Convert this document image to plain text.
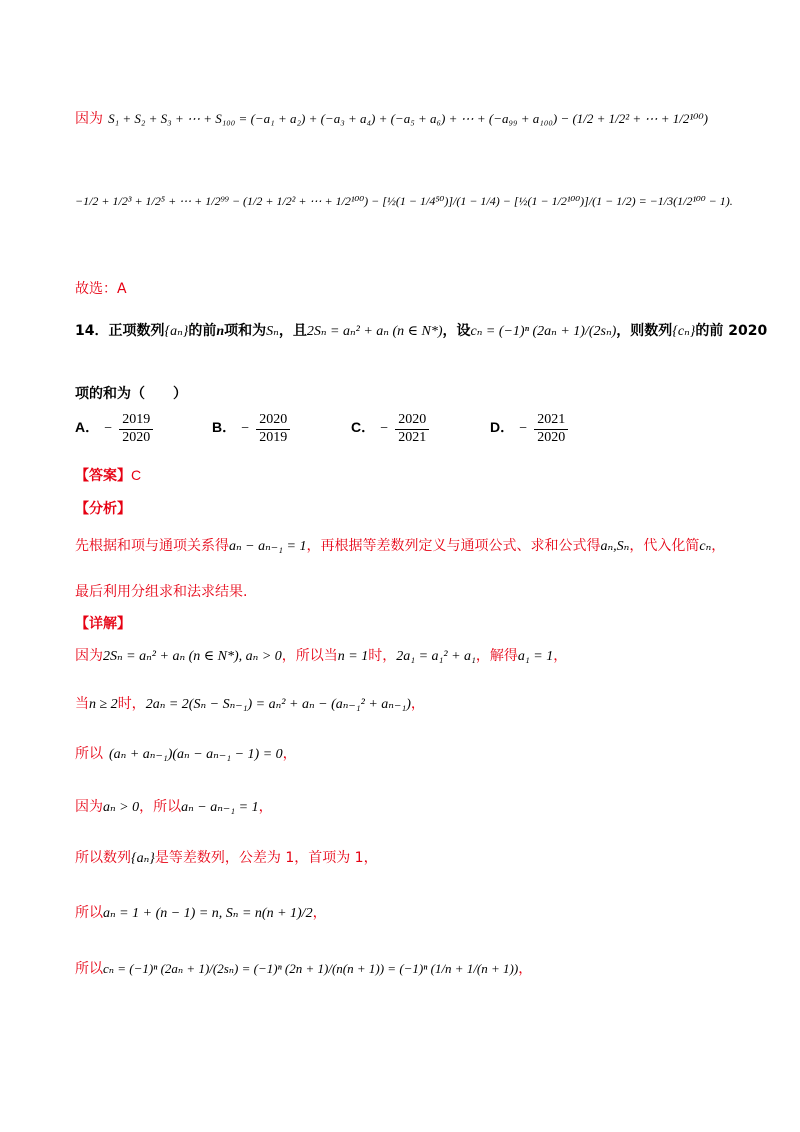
因为 $_{S_1 + S_2 + S_3 + \cdots + S_{100} = (-a_1 + a_2) + (-a_3 + a_4) + (-a_5 + a_6) + \cdots + (-a_{99} + a_{100}) - (1/2 + 1/2^2 + \cdots + 1/2^{100})}$
−1/2 + 1/2³ + 1/2⁵ + ⋯ + 1/2⁹⁹ − (1/2 + 1/2² + ⋯ + 1/2¹⁰⁰) − [½(1 − 1/4⁵⁰)]/(1 − 1/4) − [½(1 − 1/2¹⁰⁰)]/(1 − 1/2) = −1/3(1/2¹⁰⁰ − 1).
故选：A
14．正项数列{aₙ}的前n项和为Sₙ，且2Sₙ = aₙ² + aₙ (n ∈ N*)，设cₙ = (−1)ⁿ (2aₙ + 1)/(2sₙ)，则数列{cₙ}的前 2020
项的和为（　　）
A． − $\frac{2019}{2020}$	B． − $\frac{2020}{2019}$	C． − $\frac{2020}{2021}$	D． − $\frac{2021}{2020}$
【答案】C
【分析】
先根据和项与通项关系得aₙ − aₙ₋₁ = 1，再根据等差数列定义与通项公式、求和公式得aₙ,Sₙ，代入化简cₙ，
最后利用分组求和法求结果.
【详解】
因为2Sₙ = aₙ² + aₙ (n ∈ N*), aₙ > 0，所以当n = 1时，2a₁ = a₁² + a₁，解得a₁ = 1，
当n ≥ 2时，2aₙ = 2(Sₙ − Sₙ₋₁) = aₙ² + aₙ − (aₙ₋₁² + aₙ₋₁)，
所以 (aₙ + aₙ₋₁)(aₙ − aₙ₋₁ − 1) = 0，
因为aₙ > 0，所以aₙ − aₙ₋₁ = 1，
所以数列{aₙ}是等差数列，公差为 1，首项为 1，
所以aₙ = 1 + (n − 1) = n, Sₙ = n(n + 1)/2，
所以cₙ = (−1)ⁿ (2aₙ + 1)/(2sₙ) = (−1)ⁿ (2n + 1)/(n(n + 1)) = (−1)ⁿ (1/n + 1/(n + 1))，
